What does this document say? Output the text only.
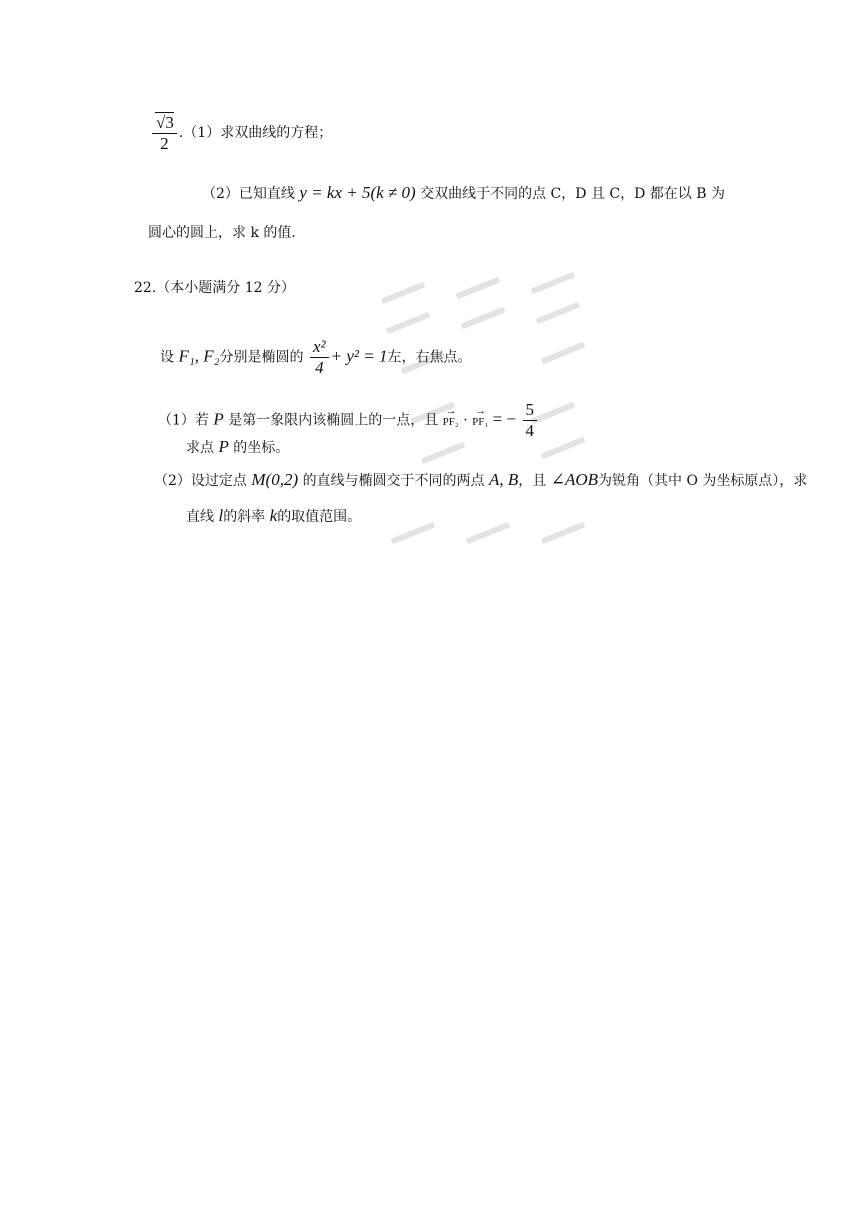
$\frac{√3}{2} .(1)$求双曲线的方程；
（2）已知直线 y = kx + 5(k ≠ 0) 交双曲线于不同的点 C，D 且 C，D 都在以 B 为
圆心的圆上，求 k 的值.
22.（本小题满分 12 分）
设 F₁, F₂分别是椭圆的 $\frac{\text{x²}}{4} + y^2 = 1$左，右焦点。
（1）若 P 是第一象限内该椭圆上的一点，且 → PF₂ · → PF₁ = − $\frac{5}{4}$
求点 P 的坐标。
（2）设过定点 M(0,2) 的直线与椭圆交于不同的两点 A, B，且 ∠AOB为锐角（其中 O 为坐标原点），求
直线 l的斜率 k的取值范围。
